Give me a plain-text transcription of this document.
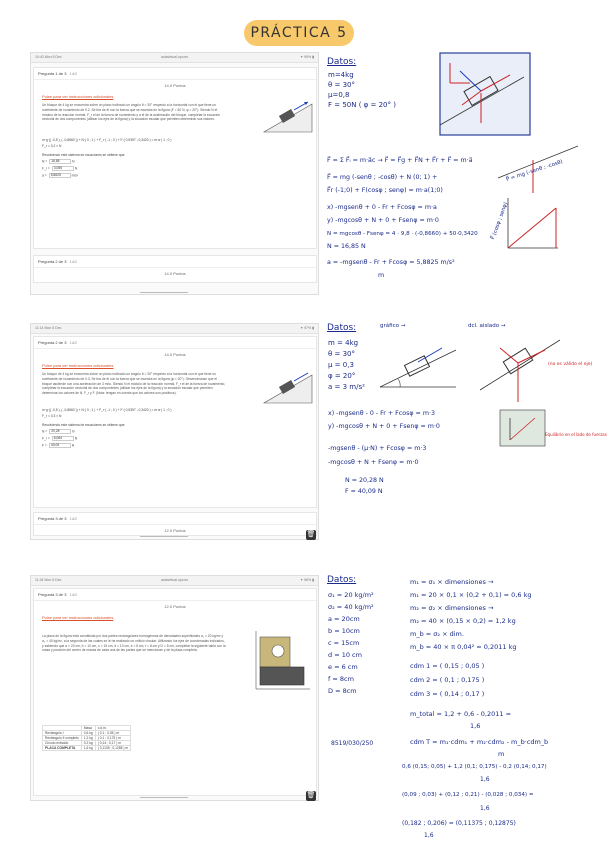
PRÁCTICA 5
10:43 Mon 5 Dec	aulavirtual.upv.es	✦ 99% ▮
Pregunta 1 de 3 1d/2
14.0 Puntos
Pulse para ver instrucciones adicionales
Un bloque de 4 kg se encuentra sobre un plano inclinado un ángulo θ = 30° respecto a la horizontal con el que tiene un coeficiente de rozamiento de 0.2. Se tira de él con la fuerza que se muestra en la figura (F = 50 N, φ = 20°). Siendo N el módulo de la reacción normal, F_r el de la fuerza de rozamiento y a el de la aceleración del bloque, completar la ecuación vectorial de dos componentes (utilizar los ejes de la figura) y la ecuación escalar que permiten determinar sus valores.
m·g·(( -0,5 ), ( -0,8660 )) + N·( 0 ; 1 ) + F_r·( -1 ; 0 ) + F·( 0,9397 ; 0,3420 ) = m·a·( 1 ; 0 )
F_r = 0,2 × N
Resolviendo este sistema de ecuaciones se obtiene que:
N = 16,85	N
F_r = 3,055	N
a = 5,8825	m/s²
Pregunta 2 de 3 1d/2
14.0 Puntos
Datos:
m=4kg
θ = 30°
μ=0,8
F = 50N ( φ = 20° )
F⃗ = Σ F⃗ᵢ = m·a⃗c → F⃗ = F⃗g + F⃗N + F⃗r + F⃗ = m·a⃗
F⃗ = mg (-senθ ; -cosθ) + N (0; 1) +
F⃗r (-1;0) + F(cosφ ; senφ) = m·a(1;0)
x) -mgsenθ + 0 - Fr + Fcosφ = m·a
y) -mgcosθ + N + 0 + Fsenφ = m·0
N = mgcosθ - Fsenφ = 4 · 9,8 · (-0,8660) + 50·0,3420
N = 16,85 N
a = -mgsenθ - Fr + Fcosφ = 5,8825 m/s²
m
P⃗ = mg (-senθ ; -cosθ)
F⃗ (cosφ ; senφ)
11:14 Mon 5 Dec	✦ 97% ▮
Pregunta 2 de 3 1d/2
14.0 Puntos
Pulse para ver instrucciones adicionales
Un bloque de 4 kg se encuentra sobre un plano inclinado un ángulo θ = 30° respecto a la horizontal con el que tiene un coeficiente de rozamiento de 0.3. Se tira de él con la fuerza que se muestra en la figura (φ = 20°). Observándose que el bloque asciende con una aceleración de 3 m/s². Siendo N el módulo de la reacción normal, F_r el de la fuerza de rozamiento, completar la ecuación vectorial de dos componentes (utilizar los ejes de la figura) y la ecuación escalar que permiten determinar los valores de N, F_r y F. (Nota: tengan en cuenta que los valores son positivos).
m·g·(( -0,5 ), ( -0,8660 )) + N·( 0 ; 1 ) + F_r·( -1 ; 0 ) + F·( 0,9397 ; 0,3420 ) = m·a·( 1 ; 0 )
F_r = 0,3 × N
Resolviendo este sistema de ecuaciones se obtiene que:
N = 20,28	N
F_r = 6,084	N
F = 40,09	N
Pregunta 3 de 3 1d/2
12.0 Puntos
🗑
Datos:
m = 4kg
θ = 30°
μ = 0,3
φ = 20°
a = 3 m/s²
gráfico →	dcl. aislado →
(no es válido el eje)
Equilibrio en el lado de fuerzas
x) -mgsenθ - 0 - Fr + Fcosφ = m·3
y) -mgcosθ + N + 0 + Fsenφ = m·0
-mgsenθ - (μ·N) + Fcosφ = m·3
-mgcosθ + N + Fsenφ = m·0
N = 20,28 N
F = 40,09 N
11:34 Mon 5 Dec	aulavirtual.upv.es	✦ 96% ▮
Pregunta 3 de 3 1d/2
12.0 Puntos
Pulse para ver instrucciones adicionales
La placa de la figura está constituida por dos partes rectangulares homogéneas de densidades superficiales σ₁ = 20 kg/m² y σ₂ = 40 kg/m², a la segunda de las cuales se le ha realizado un orificio circular. Utilizando los ejes de coordenadas indicados, y sabiendo que a = 20 cm, b = 10 cm, c = 15 cm, d = 10 cm, e = 6 cm, f = 8 cm y D = 8 cm, completar la siguiente tabla con la masa y posición del centro de masas de cada una de las partes que se mencionan y de la placa completa.
	Masa	c.d.m.
Rectángulo I	0,6 kg	( 0,1 ; 0,05 ) m
Rectángulo II completo	1,2 kg	( 0,1 ; 0,175 ) m
Círculo extraído	0,2 kg	( 0,14 ; 0,17 ) m
PLACA COMPLETA	1,6 kg	( 0,1135 ; 0,1288 ) m
🗑
Datos:
σ₁ = 20 kg/m²
σ₂ = 40 kg/m²
a = 20cm
b = 10cm
c = 15cm
d = 10 cm
e = 6 cm
f = 8cm
D = 8cm
m₁ = σ₁ × dimensiones →
m₁ = 20 × 0,1 × (0,2 + 0,1) = 0,6 kg
m₂ = σ₂ × dimensiones →
m₂ = 40 × (0,15 × 0,2) = 1,2 kg
m_b = σ₂ × dim.
m_b = 40 × π 0,04² = 0,2011 kg
cdm 1 = ( 0,15 ; 0,05 )
cdm 2 = ( 0,1 ; 0,175 )
cdm 3 = ( 0,14 ; 0,17 )
m_total = 1,2 + 0,6 - 0,2011 =
1,6
cdm T = m₁·cdm₁ + m₂·cdm₂ - m_b·cdm_b
m
8519/030/250
0,6 (0,15; 0,05) + 1,2 (0,1; 0,175) - 0,2 (0,14; 0,17)
1,6
(0,09 ; 0,03) + (0,12 ; 0,21) - (0,028 ; 0,034) =
1,6
(0,182 ; 0,206) = (0,11375 ; 0,12875)
1,6
